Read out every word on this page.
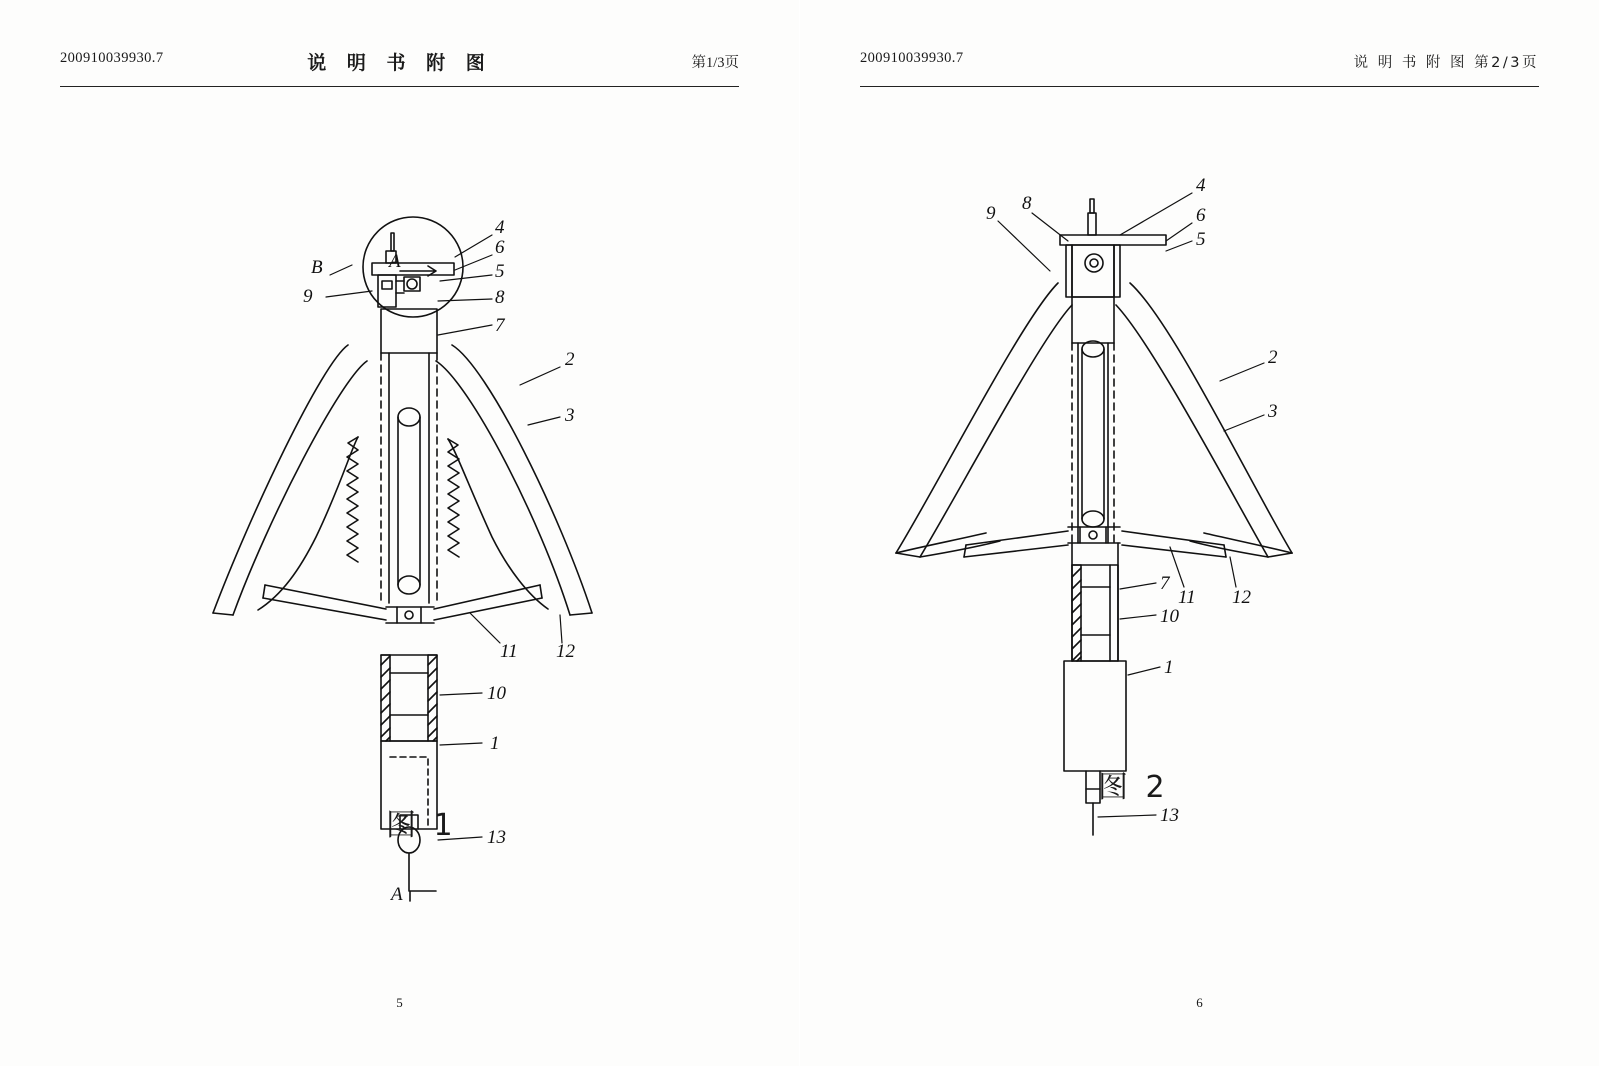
200910039930.7	说 明 书 附 图	第1/3页
B	A
A
4
6
5
8
7
9
2
3
11 12
10
1
13
图 1
5
200910039930.7	说 明 书 附 图 第2/3页
4
6
5
8
9
2
3
11 12
7
10
1
13
图 2
6
